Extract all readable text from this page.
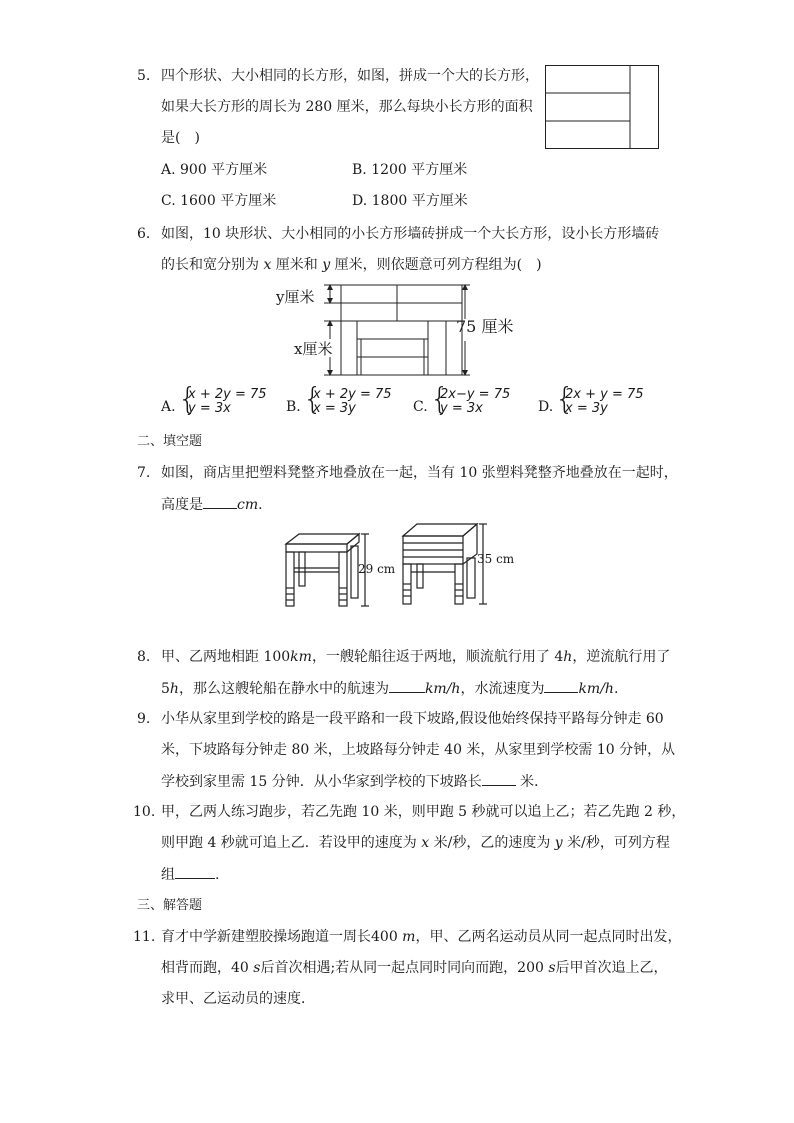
5. 四个形状、大小相同的长方形，如图，拼成一个大的长方形，
如果大长方形的周长为 280 厘米，那么每块小长方形的面积
是(　)
A. 900 平方厘米	B. 1200 平方厘米
C. 1600 平方厘米	D. 1800 平方厘米
6. 如图，10 块形状、大小相同的小长方形墙砖拼成一个大长方形，设小长方形墙砖
的长和宽分别为 x 厘米和 y 厘米，则依题意可列方程组为(　)
y厘米
x厘米
75 厘米
A. {
x + 2y = 75
y = 3x	B. {
x + 2y = 75
x = 3y	C. {
2x−y = 75
y = 3x	D. {
2x + y = 75
x = 3y
二、填空题
7. 如图，商店里把塑料凳整齐地叠放在一起，当有 10 张塑料凳整齐地叠放在一起时，
高度是 cm.
29 cm
35 cm
8. 甲、乙两地相距 100km，一艘轮船往返于两地，顺流航行用了 4h，逆流航行用了
5h，那么这艘轮船在静水中的航速为	km/h，水流速度为 km/h.
9. 小华从家里到学校的路是一段平路和一段下坡路,假设他始终保持平路每分钟走 60
米，下坡路每分钟走 80 米，上坡路每分钟走 40 米，从家里到学校需 10 分钟，从
学校到家里需 15 分钟．从小华家到学校的下坡路长 米．
10. 甲，乙两人练习跑步，若乙先跑 10 米，则甲跑 5 秒就可以追上乙；若乙先跑 2 秒，
则甲跑 4 秒就可追上乙．若设甲的速度为 x 米/秒，乙的速度为 y 米/秒，可列方程
组	.
三、解答题
11. 育才中学新建塑胶操场跑道一周长400 m，甲、乙两名运动员从同一起点同时出发，
相背而跑，40 s后首次相遇;若从同一起点同时同向而跑，200 s后甲首次追上乙，
求甲、乙运动员的速度．
